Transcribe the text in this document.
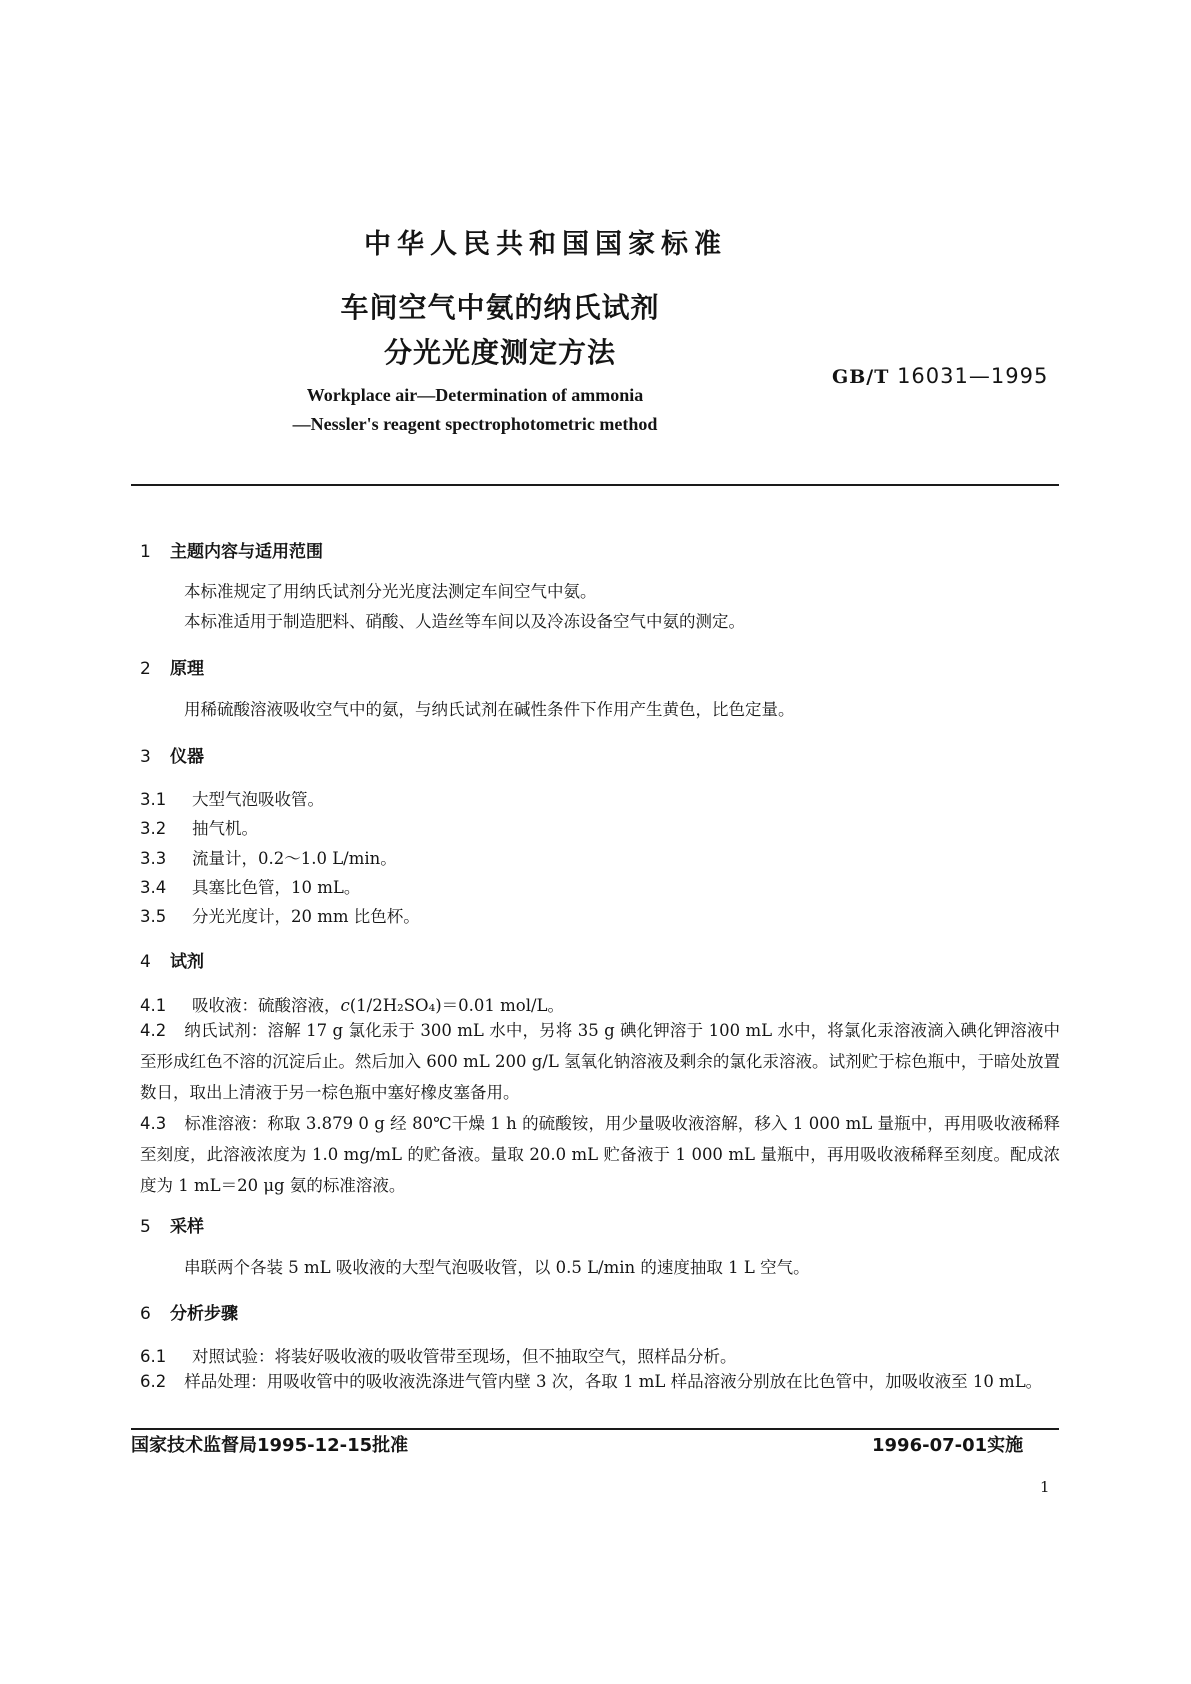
中华人民共和国国家标准
车间空气中氨的纳氏试剂
分光光度测定方法
GB/T 16031—1995
Workplace air—Determination of ammonia
—Nessler's reagent spectrophotometric method
1 主题内容与适用范围
本标准规定了用纳氏试剂分光光度法测定车间空气中氨。
本标准适用于制造肥料、硝酸、人造丝等车间以及冷冻设备空气中氨的测定。
2 原理
用稀硫酸溶液吸收空气中的氨，与纳氏试剂在碱性条件下作用产生黄色，比色定量。
3 仪器
3.1 大型气泡吸收管。
3.2 抽气机。
3.3 流量计，0.2～1.0 L/min。
3.4 具塞比色管，10 mL。
3.5 分光光度计，20 mm 比色杯。
4 试剂
4.1 吸收液：硫酸溶液，c(1/2H₂SO₄)＝0.01 mol/L。
4.2 纳氏试剂：溶解 17 g 氯化汞于 300 mL 水中，另将 35 g 碘化钾溶于 100 mL 水中，将氯化汞溶液滴入碘化钾溶液中至形成红色不溶的沉淀后止。然后加入 600 mL 200 g/L 氢氧化钠溶液及剩余的氯化汞溶液。试剂贮于棕色瓶中，于暗处放置数日，取出上清液于另一棕色瓶中塞好橡皮塞备用。
4.3 标准溶液：称取 3.879 0 g 经 80℃干燥 1 h 的硫酸铵，用少量吸收液溶解，移入 1 000 mL 量瓶中，再用吸收液稀释至刻度，此溶液浓度为 1.0 mg/mL 的贮备液。量取 20.0 mL 贮备液于 1 000 mL 量瓶中，再用吸收液稀释至刻度。配成浓度为 1 mL＝20 μg 氨的标准溶液。
5 采样
串联两个各装 5 mL 吸收液的大型气泡吸收管，以 0.5 L/min 的速度抽取 1 L 空气。
6 分析步骤
6.1 对照试验：将装好吸收液的吸收管带至现场，但不抽取空气，照样品分析。
6.2 样品处理：用吸收管中的吸收液洗涤进气管内壁 3 次，各取 1 mL 样品溶液分别放在比色管中，加吸收液至 10 mL。
国家技术监督局1995-12-15批准	1996-07-01实施
1
